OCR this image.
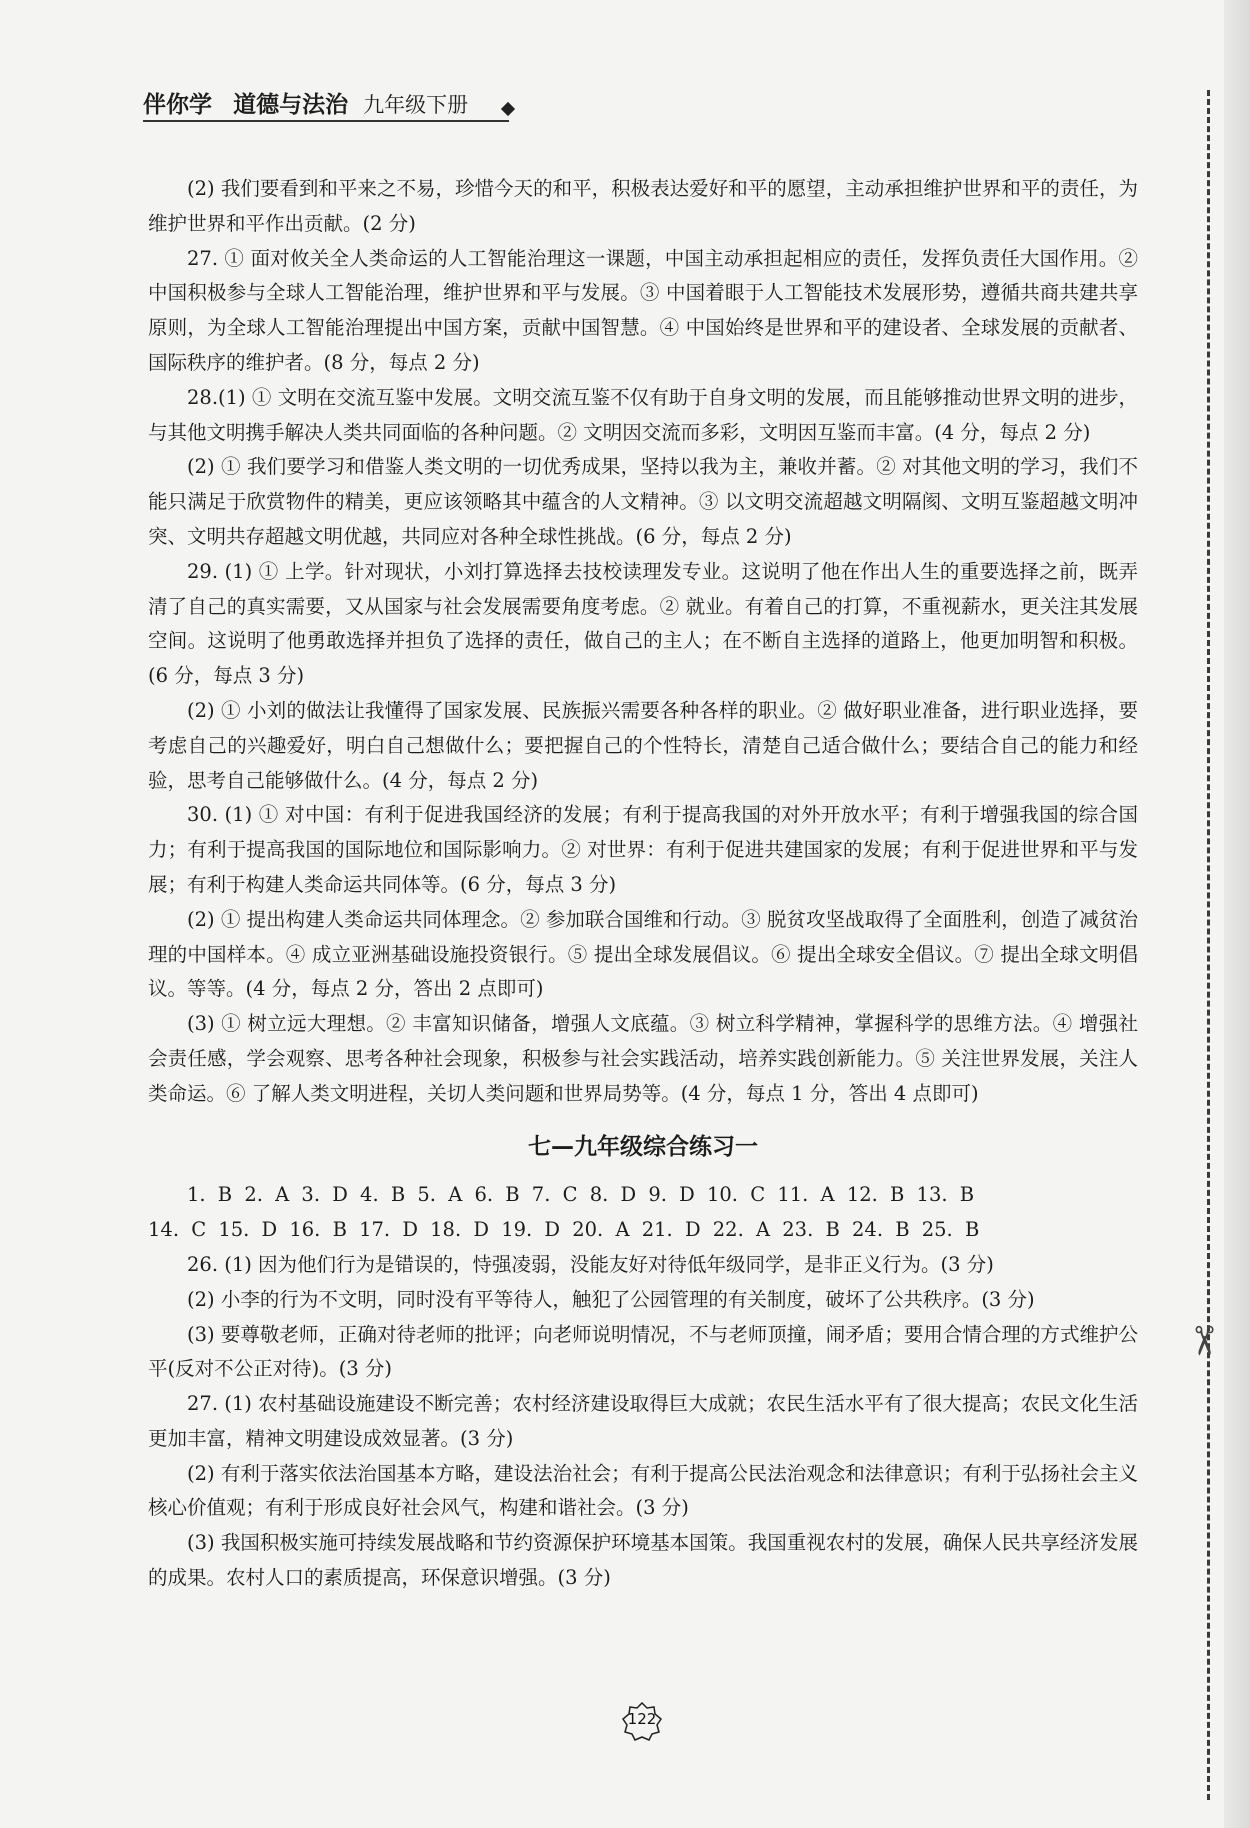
✂
伴你学 道德与法治 九年级下册

(2) 我们要看到和平来之不易，珍惜今天的和平，积极表达爱好和平的愿望，主动承担维护世界和平的责任，为维护世界和平作出贡献。(2 分)

27. ① 面对攸关全人类命运的人工智能治理这一课题，中国主动承担起相应的责任，发挥负责任大国作用。② 中国积极参与全球人工智能治理，维护世界和平与发展。③ 中国着眼于人工智能技术发展形势，遵循共商共建共享原则，为全球人工智能治理提出中国方案，贡献中国智慧。④ 中国始终是世界和平的建设者、全球发展的贡献者、国际秩序的维护者。(8 分，每点 2 分)

28.(1) ① 文明在交流互鉴中发展。文明交流互鉴不仅有助于自身文明的发展，而且能够推动世界文明的进步，与其他文明携手解决人类共同面临的各种问题。② 文明因交流而多彩，文明因互鉴而丰富。(4 分，每点 2 分)

(2) ① 我们要学习和借鉴人类文明的一切优秀成果，坚持以我为主，兼收并蓄。② 对其他文明的学习，我们不能只满足于欣赏物件的精美，更应该领略其中蕴含的人文精神。③ 以文明交流超越文明隔阂、文明互鉴超越文明冲突、文明共存超越文明优越，共同应对各种全球性挑战。(6 分，每点 2 分)

29. (1) ① 上学。针对现状，小刘打算选择去技校读理发专业。这说明了他在作出人生的重要选择之前，既弄清了自己的真实需要，又从国家与社会发展需要角度考虑。② 就业。有着自己的打算，不重视薪水，更关注其发展空间。这说明了他勇敢选择并担负了选择的责任，做自己的主人；在不断自主选择的道路上，他更加明智和积极。(6 分，每点 3 分)

(2) ① 小刘的做法让我懂得了国家发展、民族振兴需要各种各样的职业。② 做好职业准备，进行职业选择，要考虑自己的兴趣爱好，明白自己想做什么；要把握自己的个性特长，清楚自己适合做什么；要结合自己的能力和经验，思考自己能够做什么。(4 分，每点 2 分)

30. (1) ① 对中国：有利于促进我国经济的发展；有利于提高我国的对外开放水平；有利于增强我国的综合国力；有利于提高我国的国际地位和国际影响力。② 对世界：有利于促进共建国家的发展；有利于促进世界和平与发展；有利于构建人类命运共同体等。(6 分，每点 3 分)

(2) ① 提出构建人类命运共同体理念。② 参加联合国维和行动。③ 脱贫攻坚战取得了全面胜利，创造了减贫治理的中国样本。④ 成立亚洲基础设施投资银行。⑤ 提出全球发展倡议。⑥ 提出全球安全倡议。⑦ 提出全球文明倡议。等等。(4 分，每点 2 分，答出 2 点即可)

(3) ① 树立远大理想。② 丰富知识储备，增强人文底蕴。③ 树立科学精神，掌握科学的思维方法。④ 增强社会责任感，学会观察、思考各种社会现象，积极参与社会实践活动，培养实践创新能力。⑤ 关注世界发展，关注人类命运。⑥ 了解人类文明进程，关切人类问题和世界局势等。(4 分，每点 1 分，答出 4 点即可)

七—九年级综合练习一

1. B 2. A 3. D 4. B 5. A 6. B 7. C 8. D 9. D 10. C 11. A 12. B 13. B

14. C 15. D 16. B 17. D 18. D 19. D 20. A 21. D 22. A 23. B 24. B 25. B

26. (1) 因为他们行为是错误的，恃强凌弱，没能友好对待低年级同学，是非正义行为。(3 分)

(2) 小李的行为不文明，同时没有平等待人，触犯了公园管理的有关制度，破坏了公共秩序。(3 分)

(3) 要尊敬老师，正确对待老师的批评；向老师说明情况，不与老师顶撞，闹矛盾；要用合情合理的方式维护公平(反对不公正对待)。(3 分)

27. (1) 农村基础设施建设不断完善；农村经济建设取得巨大成就；农民生活水平有了很大提高；农民文化生活更加丰富，精神文明建设成效显著。(3 分)

(2) 有利于落实依法治国基本方略，建设法治社会；有利于提高公民法治观念和法律意识；有利于弘扬社会主义核心价值观；有利于形成良好社会风气，构建和谐社会。(3 分)

(3) 我国积极实施可持续发展战略和节约资源保护环境基本国策。我国重视农村的发展，确保人民共享经济发展的成果。农村人口的素质提高，环保意识增强。(3 分)

122
